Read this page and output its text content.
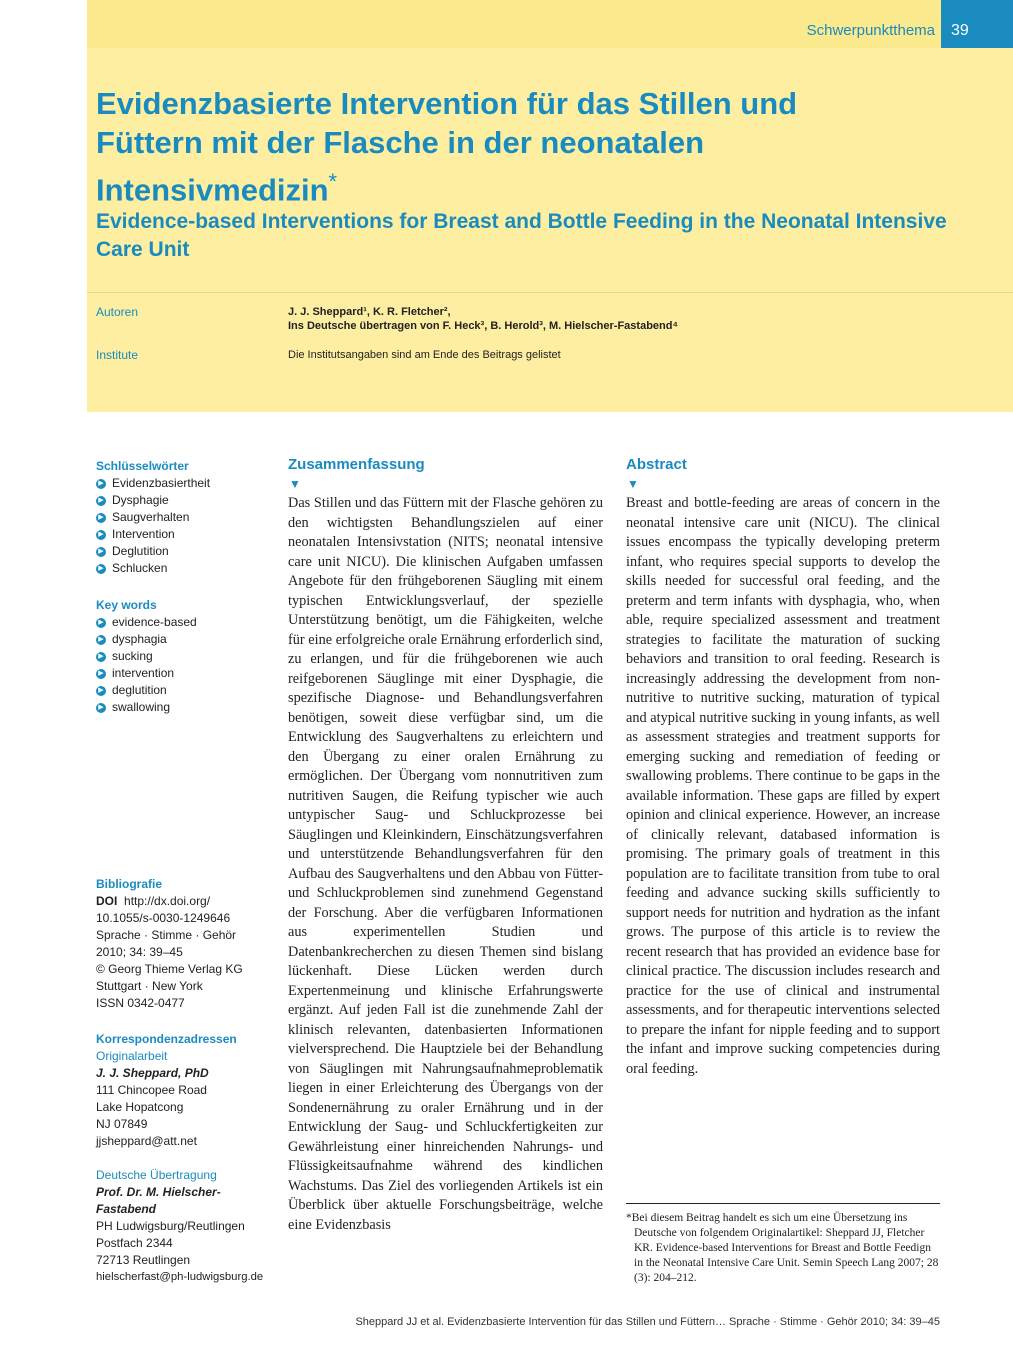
Schwerpunktthema	39
Evidenzbasierte Intervention für das Stillen und Füttern mit der Flasche in der neonatalen Intensivmedizin*
Evidence-based Interventions for Breast and Bottle Feeding in the Neonatal Intensive Care Unit
Autoren	J. J. Sheppard¹, K. R. Fletcher²,
Ins Deutsche übertragen von F. Heck³, B. Herold³, M. Hielscher-Fastabend⁴
Institute	Die Institutsangaben sind am Ende des Beitrags gelistet
Schlüsselwörter
▶ Evidenzbasiertheit
▶ Dysphagie
▶ Saugverhalten
▶ Intervention
▶ Deglutition
▶ Schlucken
Key words
▶ evidence-based
▶ dysphagia
▶ sucking
▶ intervention
▶ deglutition
▶ swallowing
Bibliografie
DOI http://dx.doi.org/
10.1055/s-0030-1249646
Sprache · Stimme · Gehör
2010; 34: 39–45
© Georg Thieme Verlag KG
Stuttgart · New York
ISSN 0342-0477
Korrespondenzadressen
Originalarbeit
J. J. Sheppard, PhD
111 Chincopee Road
Lake Hopatcong
NJ 07849
jjsheppard@att.net
Deutsche Übertragung
Prof. Dr. M. Hielscher-
Fastabend
PH Ludwigsburg/Reutlingen
Postfach 2344
72713 Reutlingen
hielscherfast@ph-ludwigsburg.de
Zusammenfassung
▼
Das Stillen und das Füttern mit der Flasche gehören zu den wichtigsten Behandlungszielen auf einer neonatalen Intensivstation (NITS; neonatal intensive care unit NICU). Die klinischen Aufgaben umfassen Angebote für den frühgeborenen Säugling mit einem typischen Entwicklungsverlauf, der spezielle Unterstützung benötigt, um die Fähigkeiten, welche für eine erfolgreiche orale Ernährung erforderlich sind, zu erlangen, und für die frühgeborenen wie auch reifgeborenen Säuglinge mit einer Dysphagie, die spezifische Diagnose- und Behandlungsverfahren benötigen, soweit diese verfügbar sind, um die Entwicklung des Saugverhaltens zu erleichtern und den Übergang zu einer oralen Ernährung zu ermöglichen. Der Übergang vom nonnutritiven zum nutritiven Saugen, die Reifung typischer wie auch untypischer Saug- und Schluckprozesse bei Säuglingen und Kleinkindern, Einschätzungsverfahren und unterstützende Behandlungsverfahren für den Aufbau des Saugverhaltens und den Abbau von Fütter- und Schluckproblemen sind zunehmend Gegenstand der Forschung. Aber die verfügbaren Informationen aus experimentellen Studien und Datenbankrecherchen zu diesen Themen sind bislang lückenhaft. Diese Lücken werden durch Expertenmeinung und klinische Erfahrungswerte ergänzt. Auf jeden Fall ist die zunehmende Zahl der klinisch relevanten, datenbasierten Informationen vielversprechend. Die Hauptziele bei der Behandlung von Säuglingen mit Nahrungsaufnahmeproblematik liegen in einer Erleichterung des Übergangs von der Sondenernährung zu oraler Ernährung und in der Entwicklung der Saug- und Schluckfertigkeiten zur Gewährleistung einer hinreichenden Nahrungs- und Flüssigkeitsaufnahme während des kindlichen Wachstums. Das Ziel des vorliegenden Artikels ist ein Überblick über aktuelle Forschungsbeiträge, welche eine Evidenzbasis
Abstract
▼
Breast and bottle-feeding are areas of concern in the neonatal intensive care unit (NICU). The clinical issues encompass the typically developing preterm infant, who requires special supports to develop the skills needed for successful oral feeding, and the preterm and term infants with dysphagia, who, when able, require specialized assessment and treatment strategies to facilitate the maturation of sucking behaviors and transition to oral feeding. Research is increasingly addressing the development from non-nutritive to nutritive sucking, maturation of typical and atypical nutritive sucking in young infants, as well as assessment strategies and treatment supports for emerging sucking and remediation of feeding or swallowing problems. There continue to be gaps in the available information. These gaps are filled by expert opinion and clinical experience. However, an increase of clinically relevant, databased information is promising. The primary goals of treatment in this population are to facilitate transition from tube to oral feeding and advance sucking skills sufficiently to support needs for nutrition and hydration as the infant grows. The purpose of this article is to review the recent research that has provided an evidence base for clinical practice. The discussion includes research and practice for the use of clinical and instrumental assessments, and for therapeutic interventions selected to prepare the infant for nipple feeding and to support the infant and improve sucking competencies during oral feeding.
*Bei diesem Beitrag handelt es sich um eine Übersetzung ins Deutsche von folgendem Originalartikel: Sheppard JJ, Fletcher KR. Evidence-based Interventions for Breast and Bottle Feedign in the Neonatal Intensive Care Unit. Semin Speech Lang 2007; 28 (3): 204–212.
Sheppard JJ et al. Evidenzbasierte Intervention für das Stillen und Füttern… Sprache · Stimme · Gehör 2010; 34: 39–45
